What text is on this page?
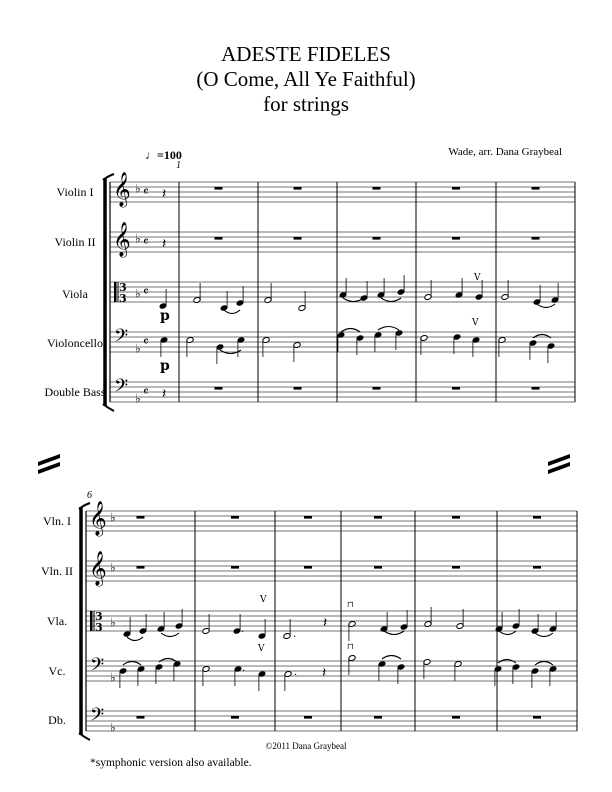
ADESTE FIDELES
(O Come, All Ye Faithful)
for strings
Wade, arr. Dana Graybeal
♩=100
1
6
Violin I
Violin II
Viola
Violoncello
Double Bass
Vln. I
Vln. II
Vla.
Vc.
Db.
𝄞 ♭ 𝄴
𝄞 ♭ 𝄴
3
3 ♭ 𝄴
𝄢 ♭ 𝄴
𝄢 ♭ 𝄴
𝄽
𝄽
𝄽
p
V
p
V
𝄞 ♭
𝄞 ♭
3
3 ♭
𝄢 ♭
𝄢 ♭
.
V
.
𝄽
⊓
.
V
. 𝄽
⊓
©2011 Dana Graybeal
*symphonic version also available.
